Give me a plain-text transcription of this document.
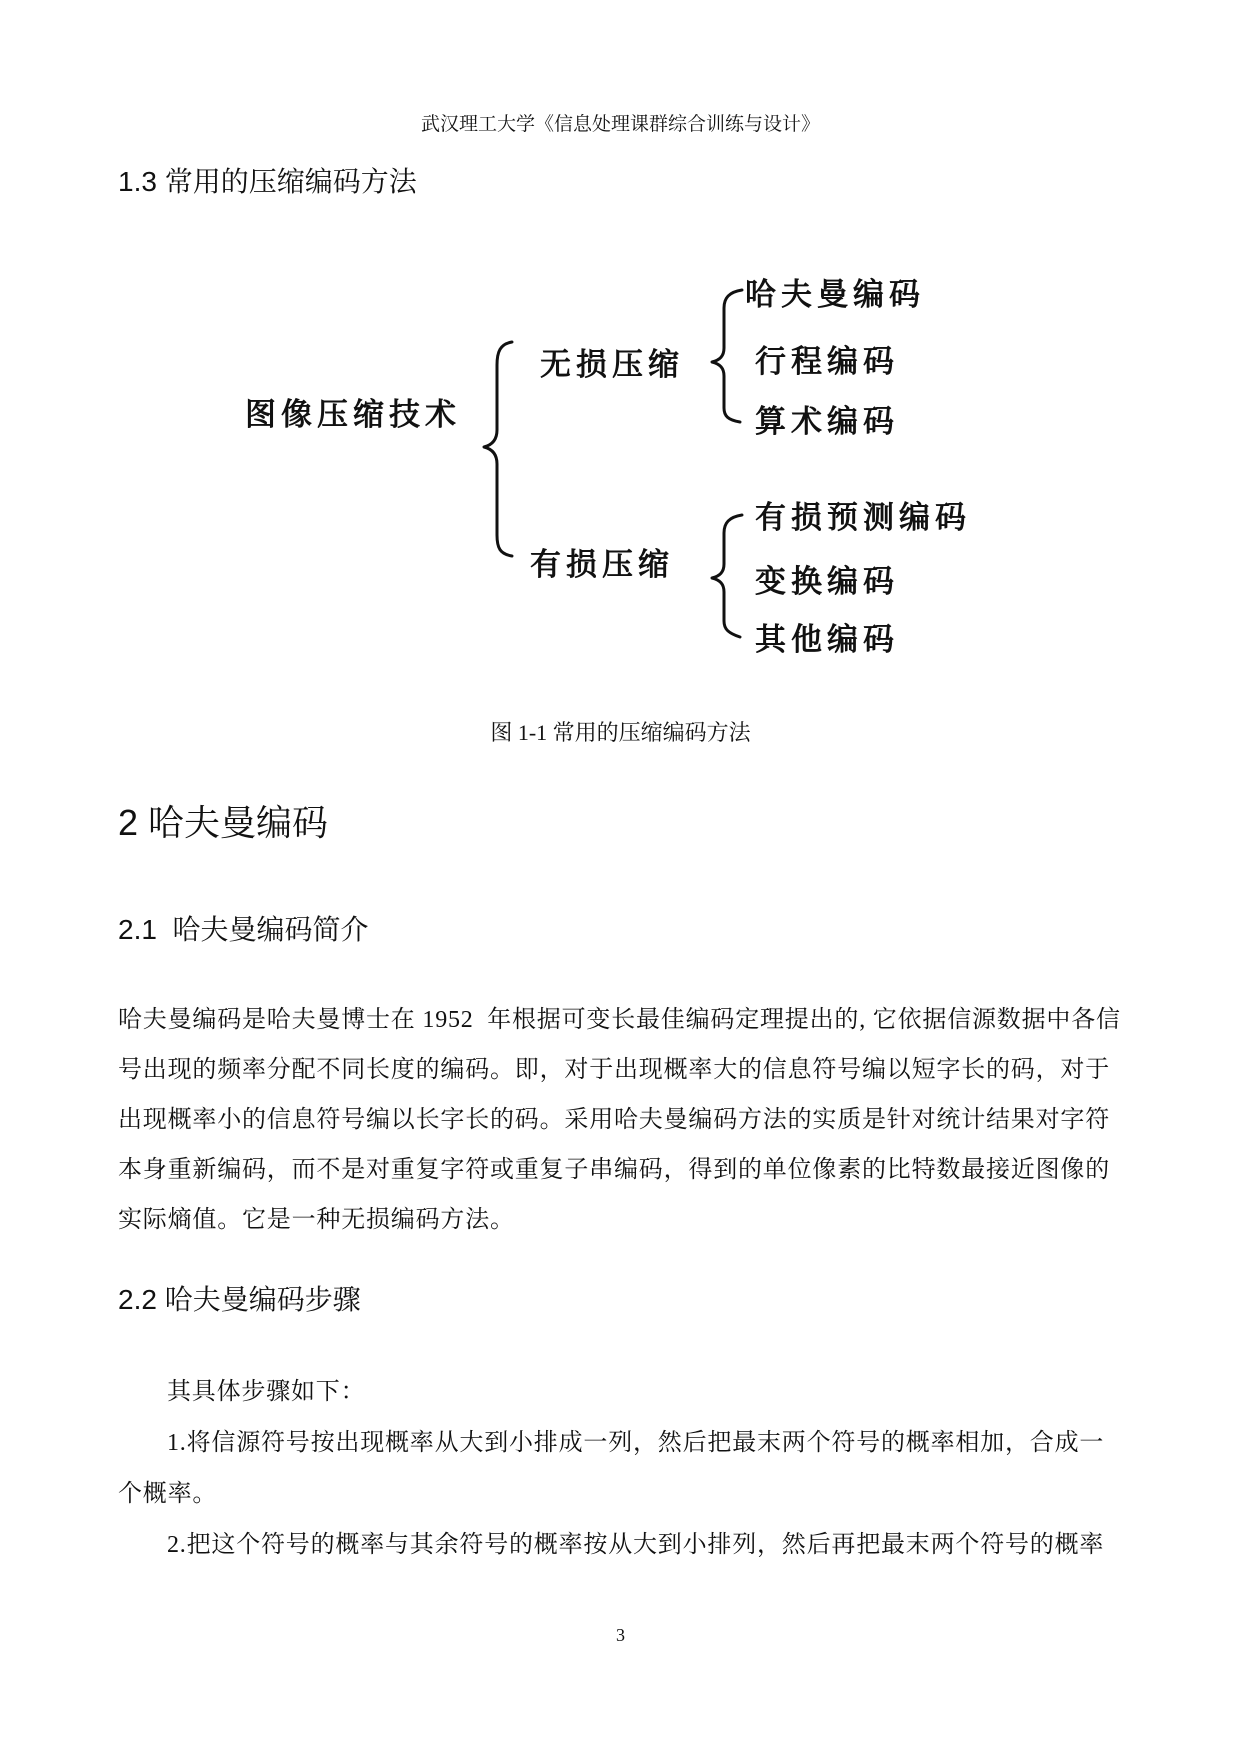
武汉理工大学《信息处理课群综合训练与设计》
1.3 常用的压缩编码方法
图像压缩技术
无损压缩
有损压缩
哈夫曼编码
行程编码
算术编码
有损预测编码
变换编码
其他编码
图 1-1 常用的压缩编码方法
2 哈夫曼编码
2.1  哈夫曼编码简介
哈夫曼编码是哈夫曼博士在 1952  年根据可变长最佳编码定理提出的, 它依据信源数据中各信
号出现的频率分配不同长度的编码。即，对于出现概率大的信息符号编以短字长的码，对于
出现概率小的信息符号编以长字长的码。采用哈夫曼编码方法的实质是针对统计结果对字符
本身重新编码，而不是对重复字符或重复子串编码，得到的单位像素的比特数最接近图像的
实际熵值。它是一种无损编码方法。
2.2 哈夫曼编码步骤
其具体步骤如下：
1.将信源符号按出现概率从大到小排成一列，然后把最末两个符号的概率相加，合成一
个概率。
2.把这个符号的概率与其余符号的概率按从大到小排列，然后再把最末两个符号的概率
3
